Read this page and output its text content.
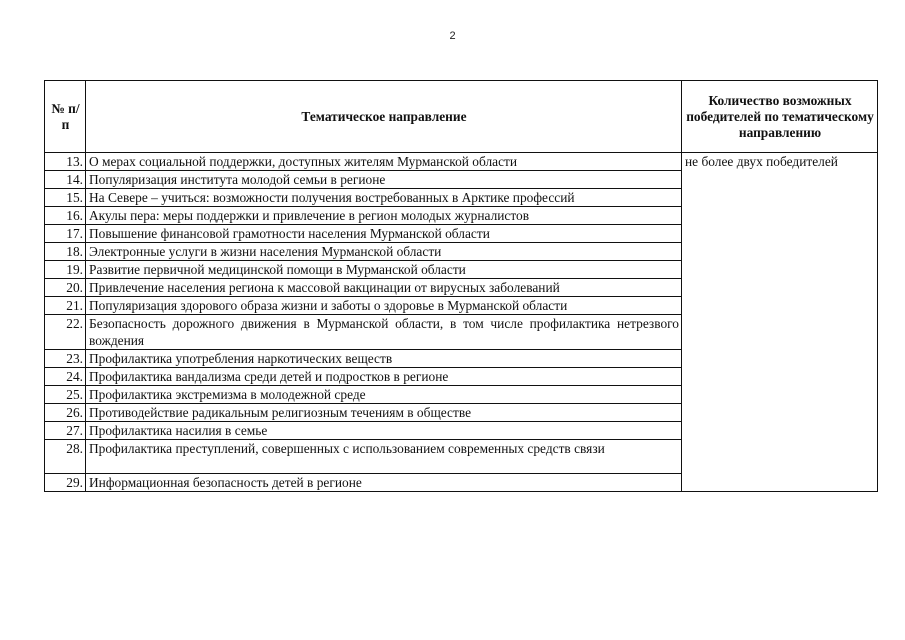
2
№ п/п	Тематическое направление	Количество возможных победителей по тематическому направлению
13.	О мерах социальной поддержки, доступных жителям Мурманской области	не более двух победителей
14.	Популяризация института молодой семьи в регионе	
15.	На Севере – учиться: возможности получения востребованных в Арктике профессий	
16.	Акулы пера: меры поддержки и привлечение в регион молодых журналистов	
17.	Повышение финансовой грамотности населения Мурманской области	
18.	Электронные услуги в жизни населения Мурманской области	
19.	Развитие первичной медицинской помощи в Мурманской области	
20.	Привлечение населения региона к массовой вакцинации от вирусных заболеваний	
21.	Популяризация здорового образа жизни и заботы о здоровье в Мурманской области	
22.	Безопасность дорожного движения в Мурманской области, в том числе профилактика нетрезвого вождения	
23.	Профилактика употребления наркотических веществ	
24.	Профилактика вандализма среди детей и подростков в регионе	
25.	Профилактика экстремизма в молодежной среде	
26.	Противодействие радикальным религиозным течениям в обществе	
27.	Профилактика насилия в семье	
28.	Профилактика преступлений, совершенных с использованием современных средств связи	
29.	Информационная безопасность детей в регионе	
